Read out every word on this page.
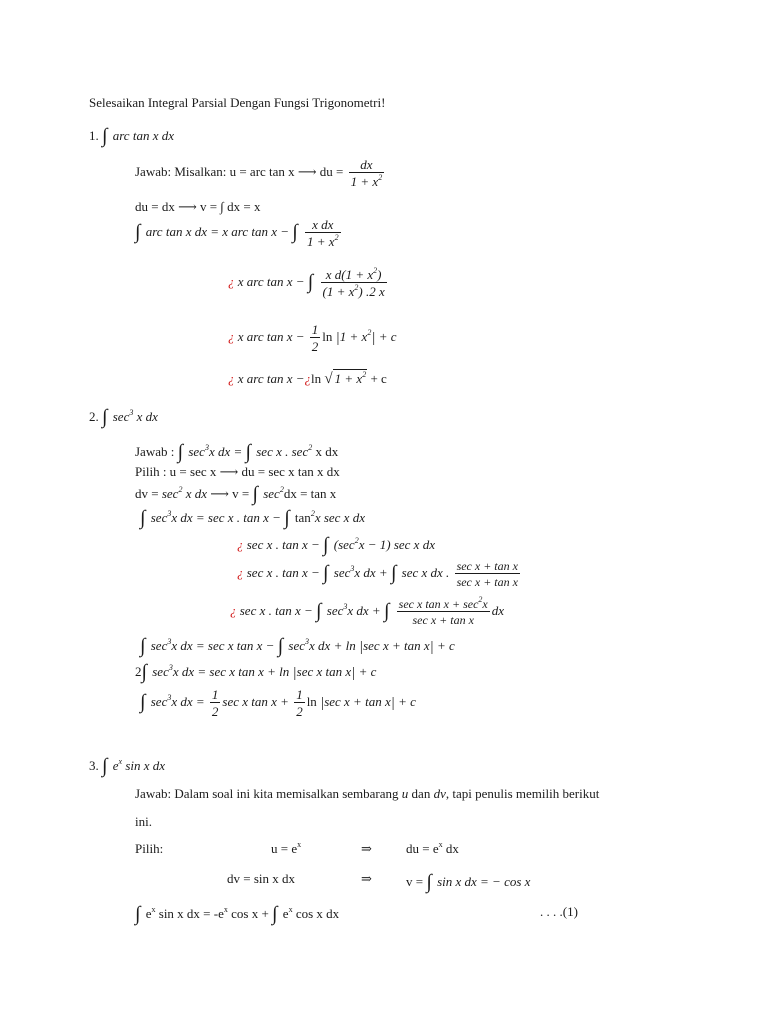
Selesaikan Integral Parsial Dengan Fungsi Trigonometri!
1. ∫ arc tan x dx
Jawab: Misalkan: u = arc tan x ⟶ du = $\frac{dx}{1 + x^2}$
du = dx ⟶ v = ∫ dx = x
∫ arc tan x dx = x arc tan x − ∫ $\frac{\text{x dx}}{1 + x^2}$
¿ x arc tan x − ∫ $\frac{x d(1 + x^2)}{(1 + x^2) .2 x}$
¿ x arc $\tan x - \frac{1}{2}$ $\ln |1 + x^2| + c$
¿ x arc tan x −¿ln √ $1 + x^2 + c$
2. ∫ $\sec^3 x$ dx
Jawab : ∫ $\sec^3x$ dx = ∫ sec x . $\sec^2 x$ dx
Pilih : u = sec x ⟶ du = sec x tan x dx
dv = $\sec^2 x$ dx ⟶ v = ∫ $\sec^2dx = \tan x$
∫ $\sec^3x$ dx = sec x . tan x − ∫ $\tan^2x$ sec x dx
¿ sec x . tan x − ∫ $(\sec^2x - 1)$ sec x dx
¿ sec x . tan x − ∫ $\sec^3x$ dx + ∫ sec x dx . sec x + tan x
sec x + tan x
¿ sec x . tan x − ∫ $\sec^3x$ dx + ∫ sec x $\tan x + \sec^2x$
sec x + tan x
dx
∫ $\sec^3x$ dx = sec x tan x − ∫ $\sec^3x$ dx + ln |sec x + tan x| + c
2∫ $\sec^3x$ dx = sec x tan x + ln |sec x tan x| + c
∫ $\sec^3x$ dx = $\frac{1}{2}$ sec x $\tan x + \frac{1}{2}$ ln |sec x + tan x| + c
3. ∫ $e^x$ sin x dx
Jawab: Dalam soal ini kita memisalkan sembarang u dan dv, tapi penulis memilih berikut
ini.
Pilih:	$u = e^x$	⇒	du = $e^x$ dx
dv = sin x dx	⇒	v = ∫ sin x dx = − cos x
∫ $e^x$ sin x dx = $-e^x$ cos x + ∫ $e^x$ cos x dx	. . . .(1)
